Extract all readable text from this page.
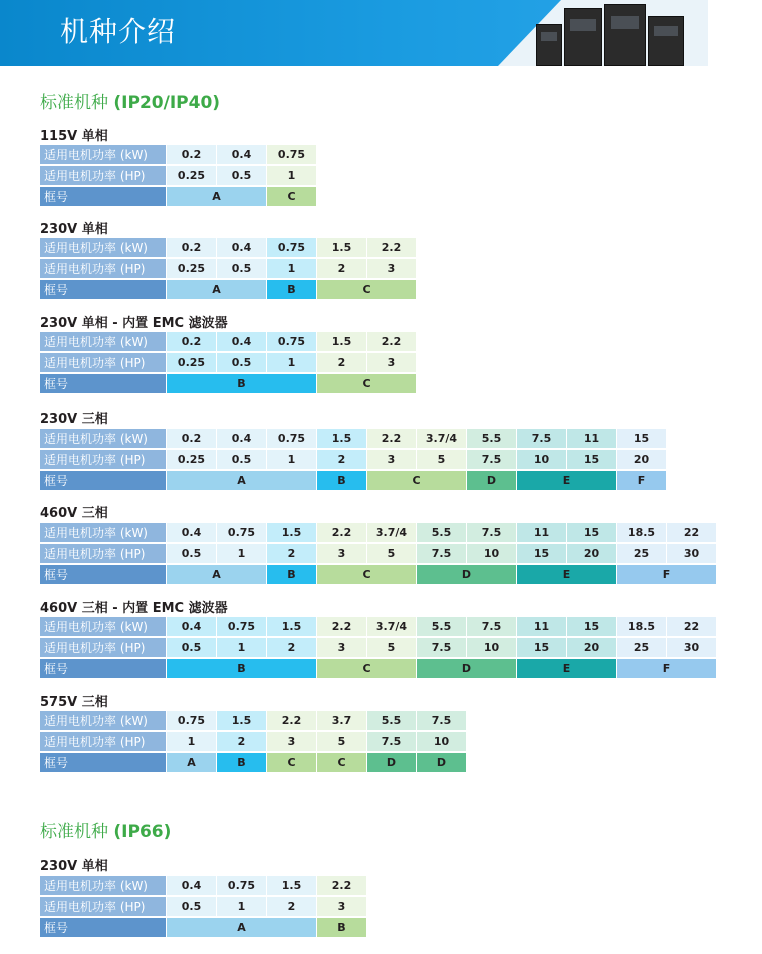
机种介绍
标准机种 (IP20/IP40)
标准机种 (IP66)
115V 单相
230V 单相
230V 单相 - 内置 EMC 滤波器
230V 三相
460V 三相
460V 三相 - 内置 EMC 滤波器
575V 三相
230V 单相
适用电机功率 (kW)	0.2	0.4	0.75
适用电机功率 (HP)	0.25	0.5	1
框号	A		C
适用电机功率 (kW)	0.2	0.4	0.75	1.5	2.2
适用电机功率 (HP)	0.25	0.5	1	2	3
框号	A		B	C	
适用电机功率 (kW)	0.2	0.4	0.75	1.5	2.2
适用电机功率 (HP)	0.25	0.5	1	2	3
框号	B			C	
适用电机功率 (kW)	0.2	0.4	0.75	1.5	2.2	3.7/4	5.5	7.5	11	15
适用电机功率 (HP)	0.25	0.5	1	2	3	5	7.5	10	15	20
框号	A			B	C		D	E		F
适用电机功率 (kW)	0.4	0.75	1.5	2.2	3.7/4	5.5	7.5	11	15	18.5	22
适用电机功率 (HP)	0.5	1	2	3	5	7.5	10	15	20	25	30
框号	A		B	C		D		E		F	
适用电机功率 (kW)	0.4	0.75	1.5	2.2	3.7/4	5.5	7.5	11	15	18.5	22
适用电机功率 (HP)	0.5	1	2	3	5	7.5	10	15	20	25	30
框号	B			C		D		E		F	
适用电机功率 (kW)	0.75	1.5	2.2	3.7	5.5	7.5
适用电机功率 (HP)	1	2	3	5	7.5	10
框号	A	B	C	C	D	D
适用电机功率 (kW)	0.4	0.75	1.5	2.2
适用电机功率 (HP)	0.5	1	2	3
框号	A			B
